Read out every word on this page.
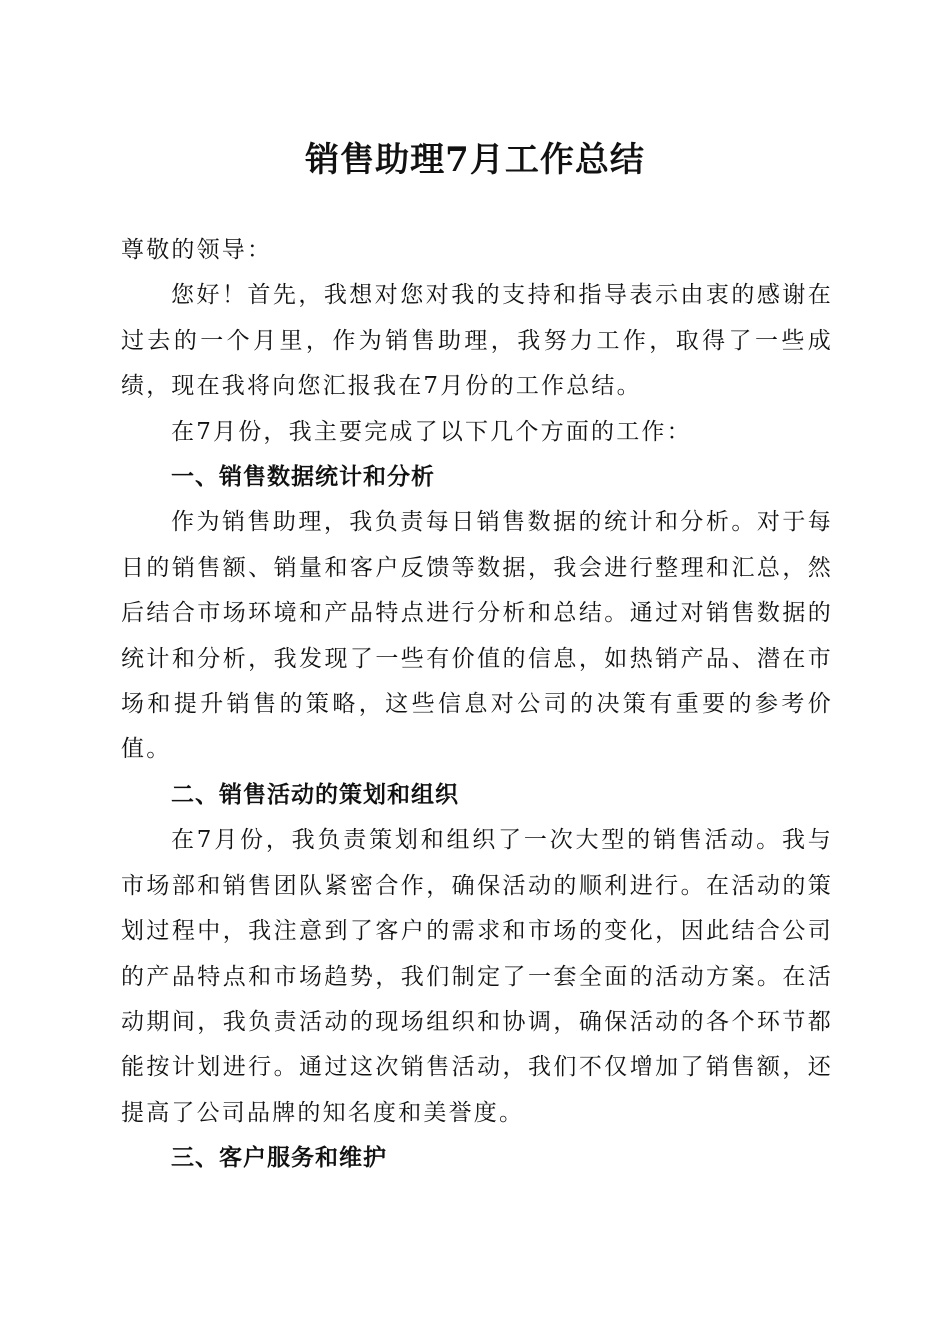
销售助理7月工作总结

尊敬的领导：

您好！首先，我想对您对我的支持和指导表示由衷的感谢在过去的一个月里，作为销售助理，我努力工作，取得了一些成绩，现在我将向您汇报我在7月份的工作总结。

在7月份，我主要完成了以下几个方面的工作：

一、销售数据统计和分析

作为销售助理，我负责每日销售数据的统计和分析。对于每日的销售额、销量和客户反馈等数据，我会进行整理和汇总，然后结合市场环境和产品特点进行分析和总结。通过对销售数据的统计和分析，我发现了一些有价值的信息，如热销产品、潜在市场和提升销售的策略，这些信息对公司的决策有重要的参考价值。

二、销售活动的策划和组织

在7月份，我负责策划和组织了一次大型的销售活动。我与市场部和销售团队紧密合作，确保活动的顺利进行。在活动的策划过程中，我注意到了客户的需求和市场的变化，因此结合公司的产品特点和市场趋势，我们制定了一套全面的活动方案。在活动期间，我负责活动的现场组织和协调，确保活动的各个环节都能按计划进行。通过这次销售活动，我们不仅增加了销售额，还提高了公司品牌的知名度和美誉度。

三、客户服务和维护
